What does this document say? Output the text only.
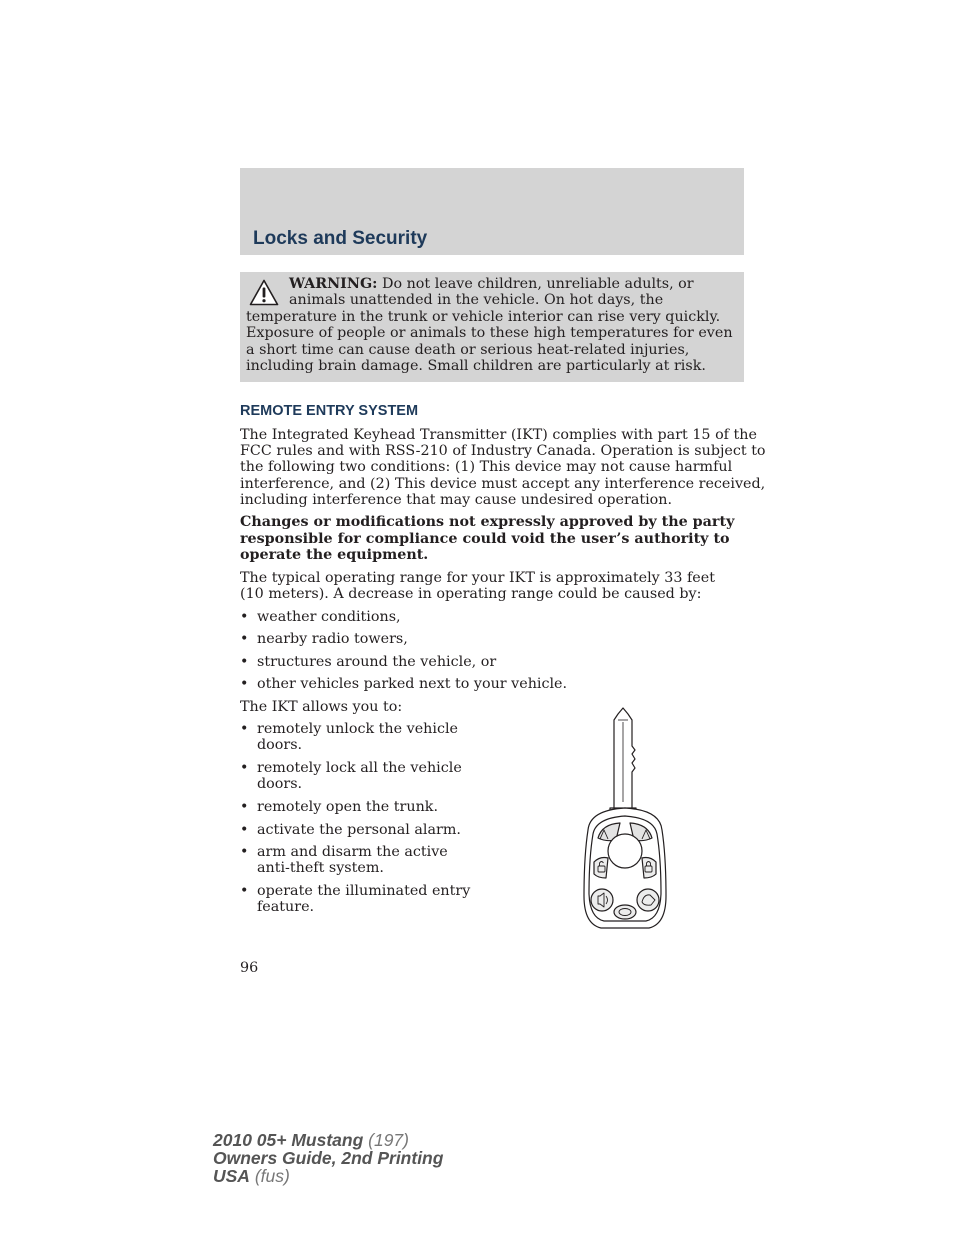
Locks and Security

WARNING: Do not leave children, unreliable adults, or animals unattended in the vehicle. On hot days, the temperature in the trunk or vehicle interior can rise very quickly. Exposure of people or animals to these high temperatures for even a short time can cause death or serious heat-related injuries, including brain damage. Small children are particularly at risk.

REMOTE ENTRY SYSTEM

The Integrated Keyhead Transmitter (IKT) complies with part 15 of the

FCC rules and with RSS-210 of Industry Canada. Operation is subject to

the following two conditions: (1) This device may not cause harmful

interference, and (2) This device must accept any interference received,

including interference that may cause undesired operation.

Changes or modifications not expressly approved by the party

responsible for compliance could void the user’s authority to

operate the equipment.

The typical operating range for your IKT is approximately 33 feet

(10 meters). A decrease in operating range could be caused by:

• weather conditions,
• nearby radio towers,
• structures around the vehicle, or
• other vehicles parked next to your vehicle.

The IKT allows you to:

• remotely unlock the vehicle
doors.
• remotely lock all the vehicle
doors.
• remotely open the trunk.
• activate the personal alarm.
• arm and disarm the active
anti-theft system.
• operate the illuminated entry
feature.

96

2010 05+ Mustang (197)
Owners Guide, 2nd Printing
USA (fus)
